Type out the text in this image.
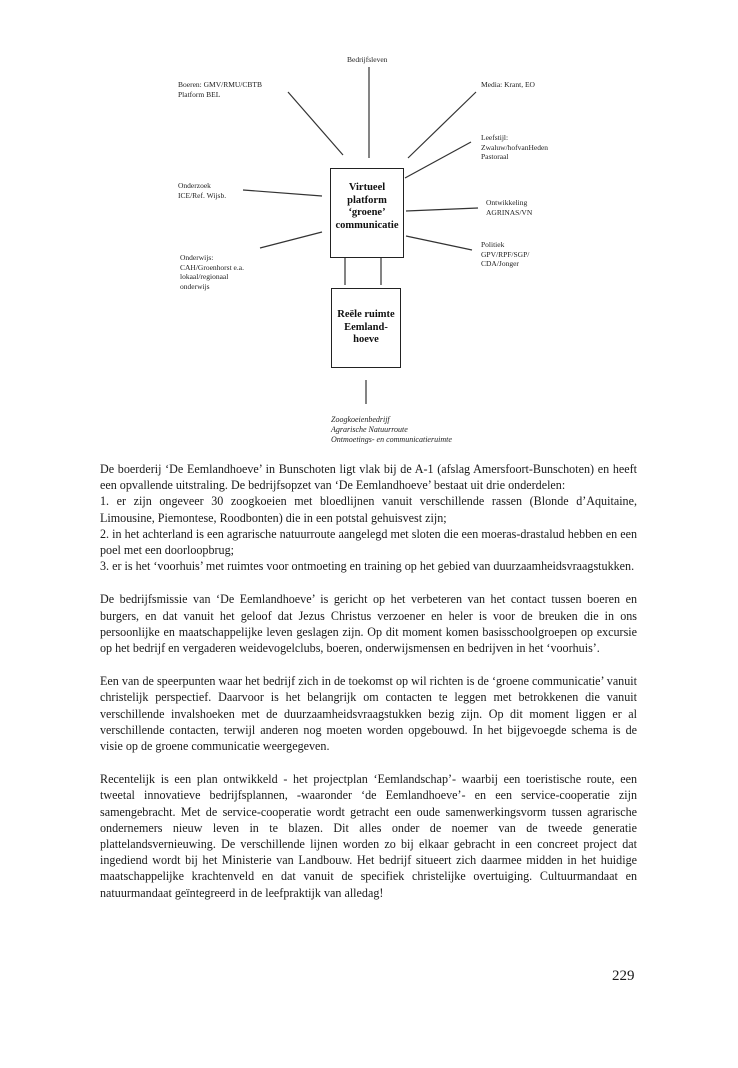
Bedrijfsleven

Boeren: GMV/RMU/CBTB
Platform BEL
Onderzoek
ICE/Ref. Wijsb.
Onderwijs:
CAH/Groenhorst e.a.
lokaal/regionaal
onderwijs
Media: Krant, EO
Leefstijl:
Zwaluw/hofvanHeden
Pastoraal
Ontwikkeling
AGRINAS/VN
Politiek
GPV/RPF/SGP/
CDA/Jonger
Virtueel
platform
‘groene’
communicatie
Reële ruimte
Eemland-
hoeve
Zoogkoeienbedrijf
Agrarische Natuurroute
Ontmoetings- en communicatieruimte

De boerderij ‘De Eemlandhoeve’ in Bunschoten ligt vlak bij de A-1 (afslag Amersfoort-Bunschoten) en heeft een opvallende uitstraling. De bedrijfsopzet van ‘De Eemlandhoeve’ bestaat uit drie onderdelen:
1. er zijn ongeveer 30 zoogkoeien met bloedlijnen vanuit verschillende rassen (Blonde d’Aquitaine, Limousine, Piemontese, Roodbonten) die in een potstal gehuisvest zijn;
2. in het achterland is een agrarische natuurroute aangelegd met sloten die een moeras-drastalud hebben en een poel met een doorloopbrug;
3. er is het ‘voorhuis’ met ruimtes voor ontmoeting en training op het gebied van duurzaamheidsvraagstukken.

De bedrijfsmissie van ‘De Eemlandhoeve’ is gericht op het verbeteren van het contact tussen boeren en burgers, en dat vanuit het geloof dat Jezus Christus verzoener en heler is voor de breuken die in ons persoonlijke en maatschappelijke leven geslagen zijn. Op dit moment komen basisschoolgroepen op excursie op het bedrijf en vergaderen weidevogelclubs, boeren, onderwijsmensen en bedrijven in het ‘voorhuis’.

Een van de speerpunten waar het bedrijf zich in de toekomst op wil richten is de ‘groene communicatie’ vanuit christelijk perspectief. Daarvoor is het belangrijk om contacten te leggen met betrokkenen die vanuit verschillende invalshoeken met de duurzaamheidsvraagstukken bezig zijn. Op dit moment liggen er al verschillende contacten, terwijl anderen nog moeten worden opgebouwd. In het bijgevoegde schema is de visie op de groene communicatie weergegeven.

Recentelijk is een plan ontwikkeld - het projectplan ‘Eemlandschap’- waarbij een toeristische route, een tweetal innovatieve bedrijfsplannen, -waaronder ‘de Eemlandhoeve’- en een service-cooperatie zijn samengebracht. Met de service-cooperatie wordt getracht een oude samenwerkingsvorm tussen agrarische ondernemers nieuw leven in te blazen. Dit alles onder de noemer van de tweede generatie plattelandsvernieuwing. De verschillende lijnen worden zo bij elkaar gebracht in een concreet project dat ingediend wordt bij het Ministerie van Landbouw. Het bedrijf situeert zich daarmee midden in het huidige maatschappelijke krachtenveld en dat vanuit de specifiek christelijke overtuiging. Cultuurmandaat en natuurmandaat geïntegreerd in de leefpraktijk van alledag!

229
